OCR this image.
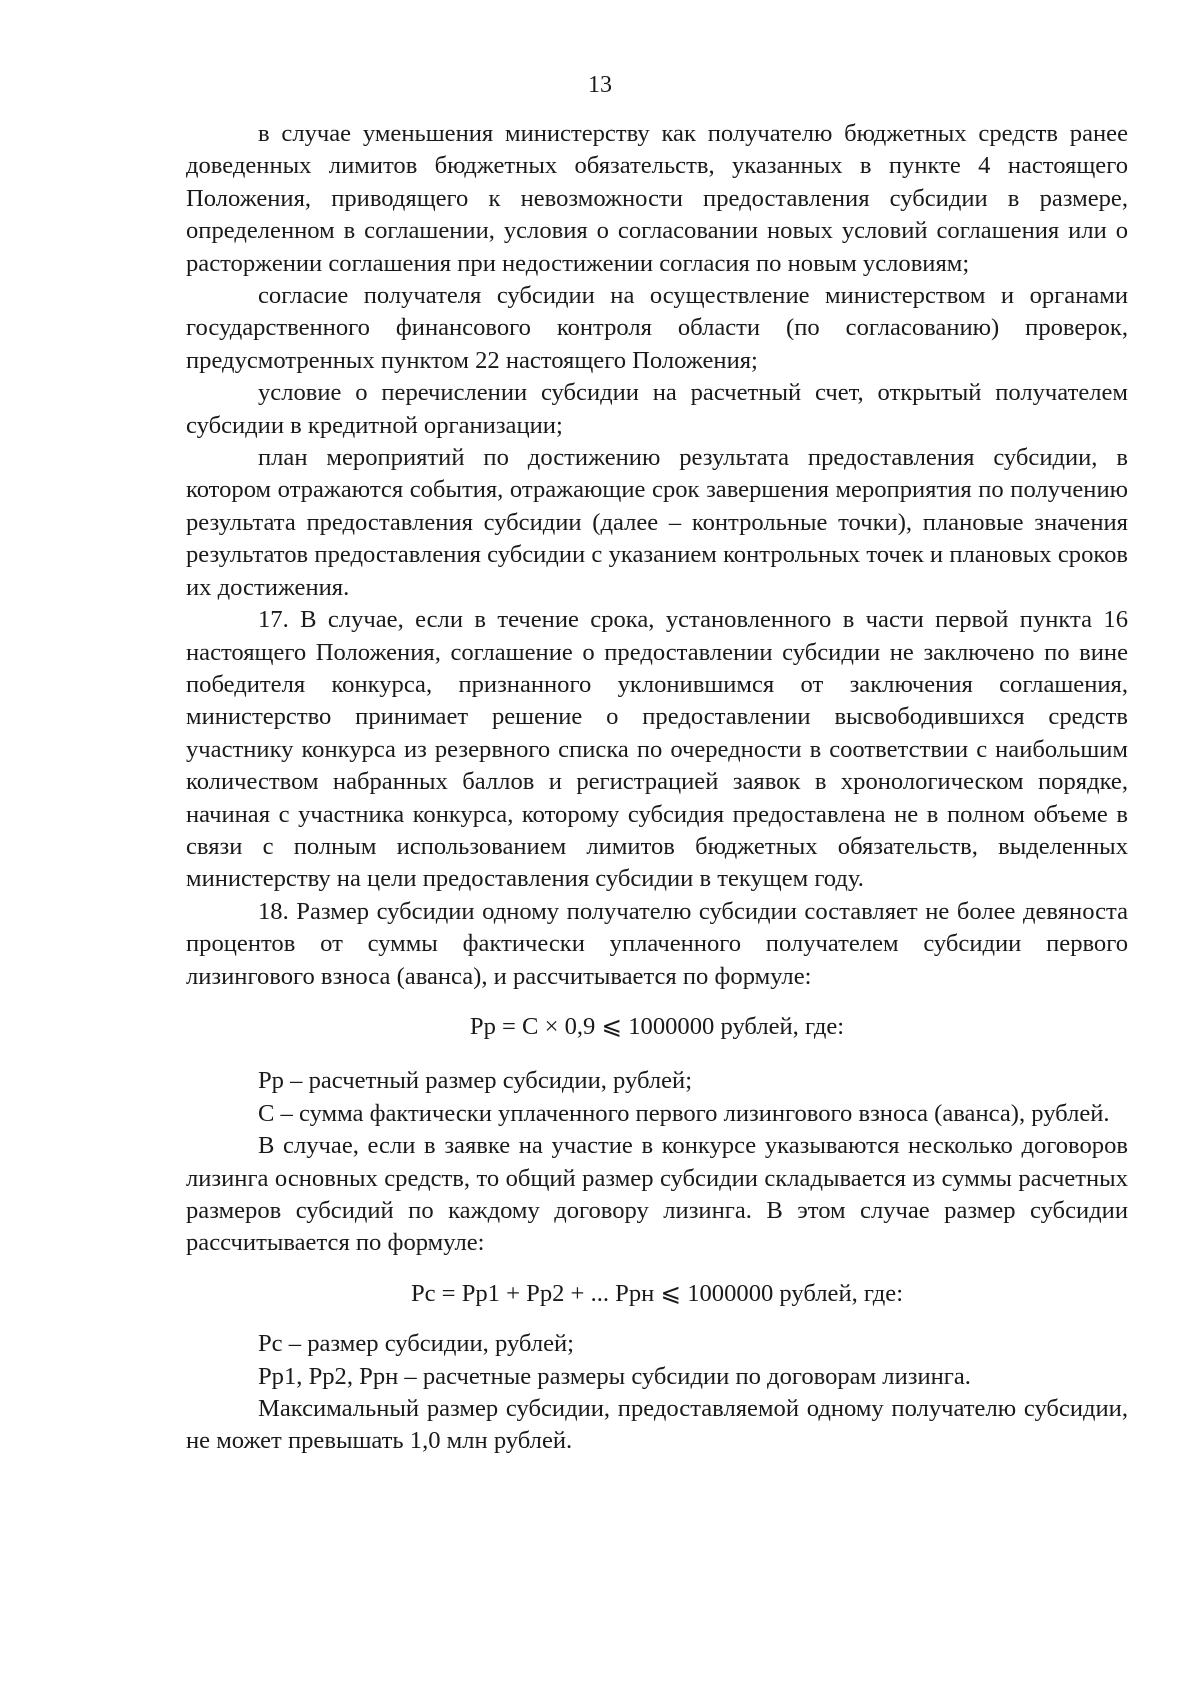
13

в случае уменьшения министерству как получателю бюджетных средств ранее доведенных лимитов бюджетных обязательств, указанных в пункте 4 настоящего Положения, приводящего к невозможности предоставления субсидии в размере, определенном в соглашении, условия о согласовании новых условий соглашения или о расторжении соглашения при недостижении согласия по новым условиям;

согласие получателя субсидии на осуществление министерством и органами государственного финансового контроля области (по согласованию) проверок, предусмотренных пунктом 22 настоящего Положения;

условие о перечислении субсидии на расчетный счет, открытый получателем субсидии в кредитной организации;

план мероприятий по достижению результата предоставления субсидии, в котором отражаются события, отражающие срок завершения мероприятия по получению результата предоставления субсидии (далее – контрольные точки), плановые значения результатов предоставления субсидии с указанием контрольных точек и плановых сроков их достижения.

17. В случае, если в течение срока, установленного в части первой пункта 16 настоящего Положения, соглашение о предоставлении субсидии не заключено по вине победителя конкурса, признанного уклонившимся от заключения соглашения, министерство принимает решение о предоставлении высвободившихся средств участнику конкурса из резервного списка по очередности в соответствии с наибольшим количеством набранных баллов и регистрацией заявок в хронологическом порядке, начиная с участника конкурса, которому субсидия предоставлена не в полном объеме в связи с полным использованием лимитов бюджетных обязательств, выделенных министерству на цели предоставления субсидии в текущем году.

18. Размер субсидии одному получателю субсидии составляет не более девяноста процентов от суммы фактически уплаченного получателем субсидии первого лизингового взноса (аванса), и рассчитывается по формуле:

Рр = С × 0,9 ⩽ 1000000 рублей, где:

Рр – расчетный размер субсидии, рублей;

С – сумма фактически уплаченного первого лизингового взноса (аванса), рублей.

В случае, если в заявке на участие в конкурсе указываются несколько договоров лизинга основных средств, то общий размер субсидии складывается из суммы расчетных размеров субсидий по каждому договору лизинга. В этом случае размер субсидии рассчитывается по формуле:

Рс = Рр1 + Рр2 + ... Ррн ⩽ 1000000 рублей, где:

Рс – размер субсидии, рублей;

Рр1, Рр2, Ррн – расчетные размеры субсидии по договорам лизинга.

Максимальный размер субсидии, предоставляемой одному получателю субсидии, не может превышать 1,0 млн рублей.
